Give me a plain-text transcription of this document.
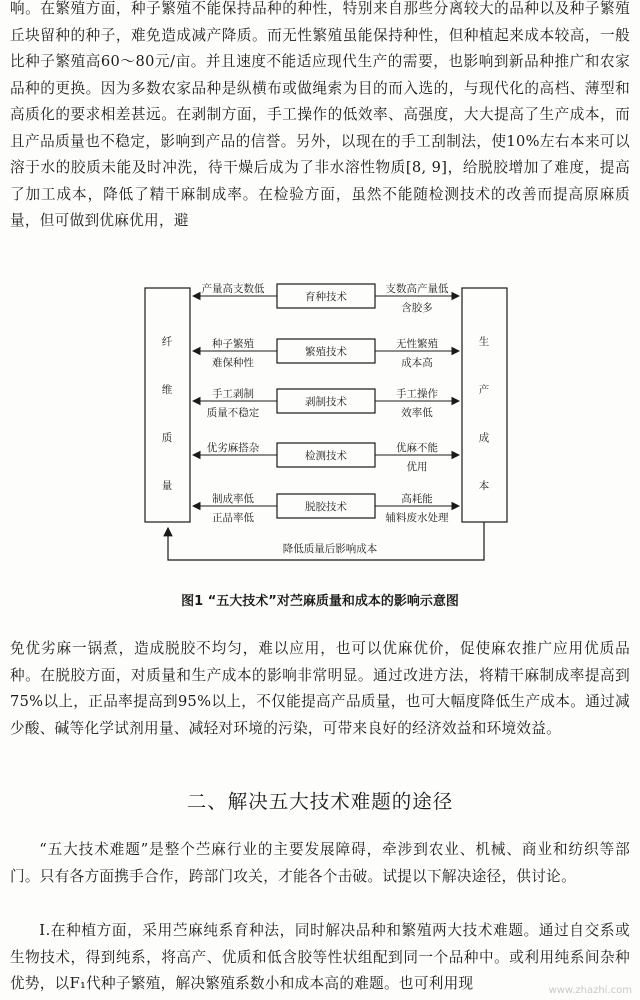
响。在繁殖方面，种子繁殖不能保持品种的种性，特别来自那些分离较大的品种以及种子繁殖丘块留种的种子，难免造成减产降质。而无性繁殖虽能保持种性，但种植起来成本较高，一般比种子繁殖高60～80元/亩。并且速度不能适应现代生产的需要，也影响到新品种推广和农家品种的更换。因为多数农家品种是纵横布或做绳索为目的而入选的，与现代化的高档、薄型和高质化的要求相差甚远。在剥制方面，手工操作的低效率、高强度，大大提高了生产成本，而且产品质量也不稳定，影响到产品的信誉。另外，以现在的手工刮制法，使10%左右本来可以溶于水的胶质未能及时冲洗，待干燥后成为了非水溶性物质[8, 9]，给脱胶增加了难度，提高了加工成本，降低了精干麻制成率。在检验方面，虽然不能随检测技术的改善而提高原麻质量，但可做到优麻优用，避
纤
维
质
量
生
产
成
本
育种技术
繁殖技术
剥制技术
检测技术
脱胶技术
产量高支数低
种子繁殖
难保种性
手工剥制
质量不稳定
优劣麻搭杂
制成率低
正品率低
支数高产量低
含胶多
无性繁殖
成本高
手工操作
效率低
优麻不能
优用
高耗能
辅料废水处理
降低质量后影响成本
图1 “五大技术”对苎麻质量和成本的影响示意图
免优劣麻一锅煮，造成脱胶不均匀，难以应用，也可以优麻优价，促使麻农推广应用优质品种。在脱胶方面，对质量和生产成本的影响非常明显。通过改进方法，将精干麻制成率提高到75%以上，正品率提高到95%以上，不仅能提高产品质量，也可大幅度降低生产成本。通过减少酸、碱等化学试剂用量、减轻对环境的污染，可带来良好的经济效益和环境效益。
二、解决五大技术难题的途径
“五大技术难题”是整个苎麻行业的主要发展障碍，牵涉到农业、机械、商业和纺织等部门。只有各方面携手合作，跨部门攻关，才能各个击破。试提以下解决途径，供讨论。
Ⅰ.在种植方面，采用苎麻纯系育种法，同时解决品种和繁殖两大技术难题。通过自交系或生物技术，得到纯系，将高产、优质和低含胶等性状组配到同一个品种中。或利用纯系间杂种优势，以F₁代种子繁殖，解决繁殖系数小和成本高的难题。也可利用现	www.zhazhi.com
